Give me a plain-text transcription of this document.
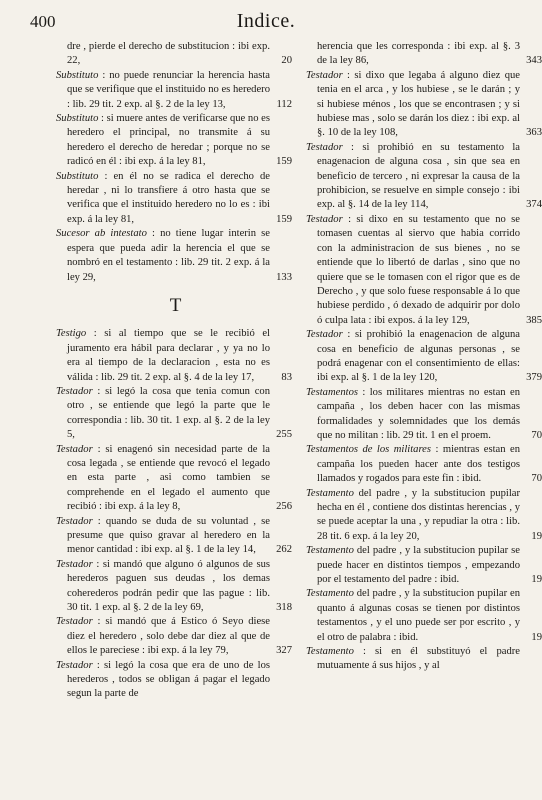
400	Indice.
dre , pierde el derecho de substitucion : ibi exp. 22,	20
Substituto : no puede renunciar la herencia hasta que se verifique que el instituido no es heredero : lib. 29 tit. 2 exp. al §. 2 de la ley 13,	112
Substituto : si muere antes de verificarse que no es heredero el principal, no transmite á su heredero el derecho de heredar ; porque no se radicó en él : ibi exp. á la ley 81,	159
Substituto : en él no se radica el derecho de heredar , ni lo transfiere á otro hasta que se verifica que el instituido heredero no lo es : ibi exp. á la ley 81,	159
Sucesor ab intestato : no tiene lugar interin se espera que pueda adir la herencia el que se nombró en el testamento : lib. 29 tit. 2 exp. á la ley 29,	133
T
Testigo : si al tiempo que se le recibió el juramento era hábil para declarar , y ya no lo era al tiempo de la declaracion , esta no es válida : lib. 29 tit. 2 exp. al §. 4 de la ley 17,	83
Testador : si legó la cosa que tenia comun con otro , se entiende que legó la parte que le correspondia : lib. 30 tit. 1 exp. al §. 2 de la ley 5,	255
Testador : si enagenó sin necesidad parte de la cosa legada , se entiende que revocó el legado en esta parte , asi como tambien se comprehende en el legado el aumento que recibió : ibi exp. á la ley 8,	256
Testador : quando se duda de su voluntad , se presume que quiso gravar al heredero en la menor cantidad : ibi exp. al §. 1 de la ley 14, 262
Testador : si mandó que alguno ó algunos de sus herederos paguen sus deudas , los demas coherederos podrán pedir que las pague : lib. 30 tit. 1 exp. al §. 2 de la ley 69,	318
Testador : si mandó que á Estico ó Seyo diese diez el heredero , solo debe dar diez al que de ellos le pareciese : ibi exp. á la ley 79,	327
Testador : si legó la cosa que era de uno de los herederos , todos se obligan á pagar el legado segun la parte de
herencia que les corresponda : ibi exp. al §. 3 de la ley 86,	343
Testador : si dixo que legaba á alguno diez que tenia en el arca , y los hubiese , se le darán ; y si hubiese ménos , los que se encontrasen ; y si hubiese mas , solo se darán los diez : ibi exp. al §. 10 de la ley 108,	363
Testador : si prohibió en su testamento la enagenacion de alguna cosa , sin que sea en beneficio de tercero , ni expresar la causa de la prohibicion, se resuelve en simple consejo : ibi exp. al §. 14 de la ley 114,	374
Testador : si dixo en su testamento que no se tomasen cuentas al siervo que habia corrido con la administracion de sus bienes , no se entiende que lo libertó de darlas , sino que no quiere que se le tomasen con el rigor que es de Derecho , y que solo fuese responsable á lo que hubiese perdido , ó dexado de adquirir por dolo ó culpa lata : ibi expos. á la ley 129,	385
Testador : si prohibió la enagenacion de alguna cosa en beneficio de algunas personas , se podrá enagenar con el consentimiento de ellas: ibi exp. al §. 1 de la ley 120,	379
Testamentos : los militares mientras no estan en campaña , los deben hacer con las mismas formalidades y solemnidades que los demás que no militan : lib. 29 tit. 1 en el proem.	70
Testamentos de los militares : mientras estan en campaña los pueden hacer ante dos testigos llamados y rogados para este fin : ibid.	70
Testamento del padre , y la substitucion pupilar hecha en él , contiene dos distintas herencias , y se puede aceptar la una , y repudiar la otra : lib. 28 tit. 6 exp. á la ley 20,	19
Testamento del padre , y la substitucion pupilar se puede hacer en distintos tiempos , empezando por el testamento del padre : ibid.	19
Testamento del padre , y la substitucion pupilar en quanto á algunas cosas se tienen por distintos testamentos , y el uno puede ser por escrito , y el otro de palabra : ibid.	19
Testamento : si en él substituyó el padre mutuamente á sus hijos , y al
